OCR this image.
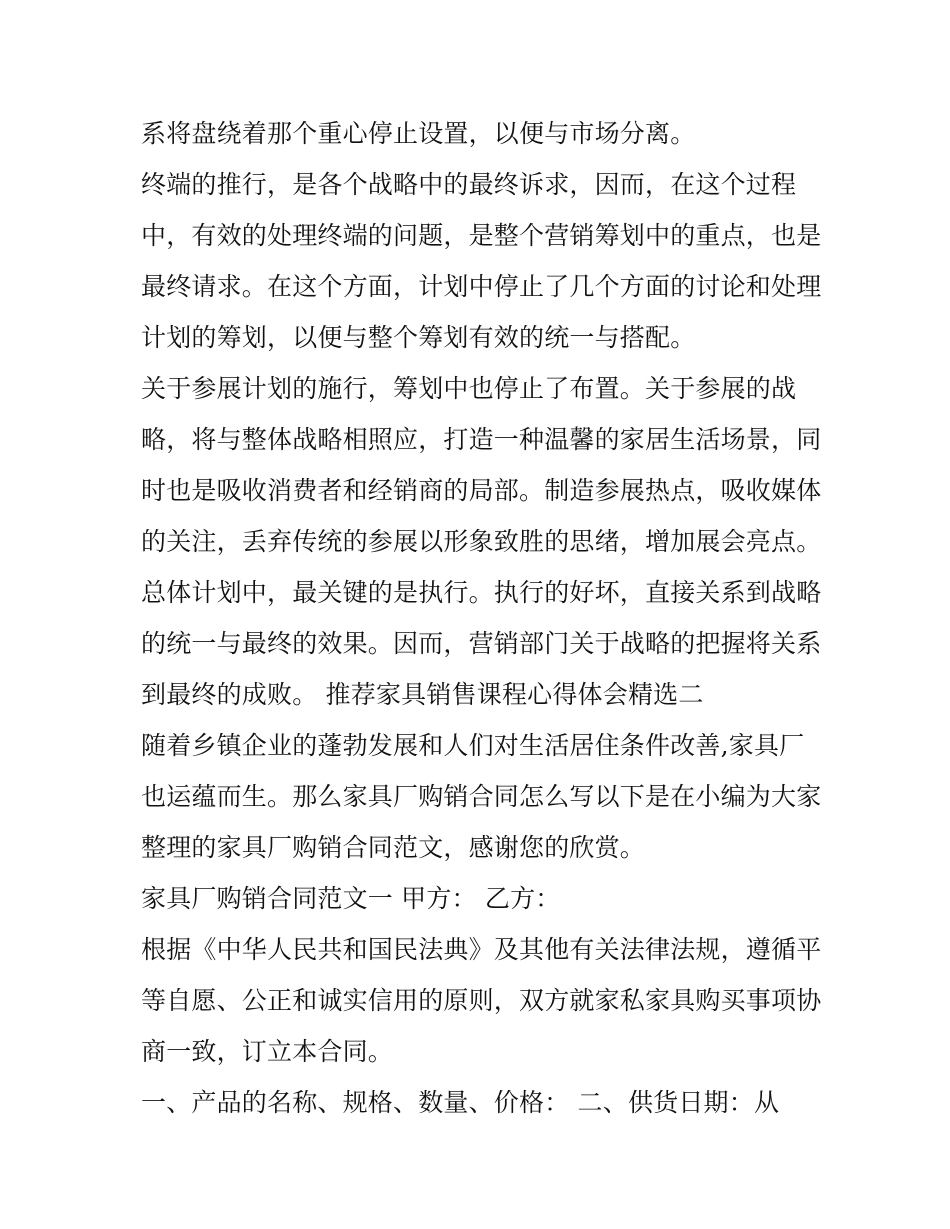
系将盘绕着那个重心停止设置，以便与市场分离。
终端的推行，是各个战略中的最终诉求，因而，在这个过程
中，有效的处理终端的问题，是整个营销筹划中的重点，也是
最终请求。在这个方面，计划中停止了几个方面的讨论和处理
计划的筹划，以便与整个筹划有效的统一与搭配。
关于参展计划的施行，筹划中也停止了布置。关于参展的战
略，将与整体战略相照应，打造一种温馨的家居生活场景，同
时也是吸收消费者和经销商的局部。制造参展热点，吸收媒体
的关注，丢弃传统的参展以形象致胜的思绪，增加展会亮点。
总体计划中，最关键的是执行。执行的好坏，直接关系到战略
的统一与最终的效果。因而，营销部门关于战略的把握将关系
到最终的成败。 推荐家具销售课程心得体会精选二
随着乡镇企业的蓬勃发展和人们对生活居住条件改善,家具厂
也运蕴而生。那么家具厂购销合同怎么写以下是在小编为大家
整理的家具厂购销合同范文，感谢您的欣赏。
家具厂购销合同范文一 甲方： 乙方：
根据《中华人民共和国民法典》及其他有关法律法规，遵循平
等自愿、公正和诚实信用的原则，双方就家私家具购买事项协
商一致，订立本合同。
一、产品的名称、规格、数量、价格： 二、供货日期：从
